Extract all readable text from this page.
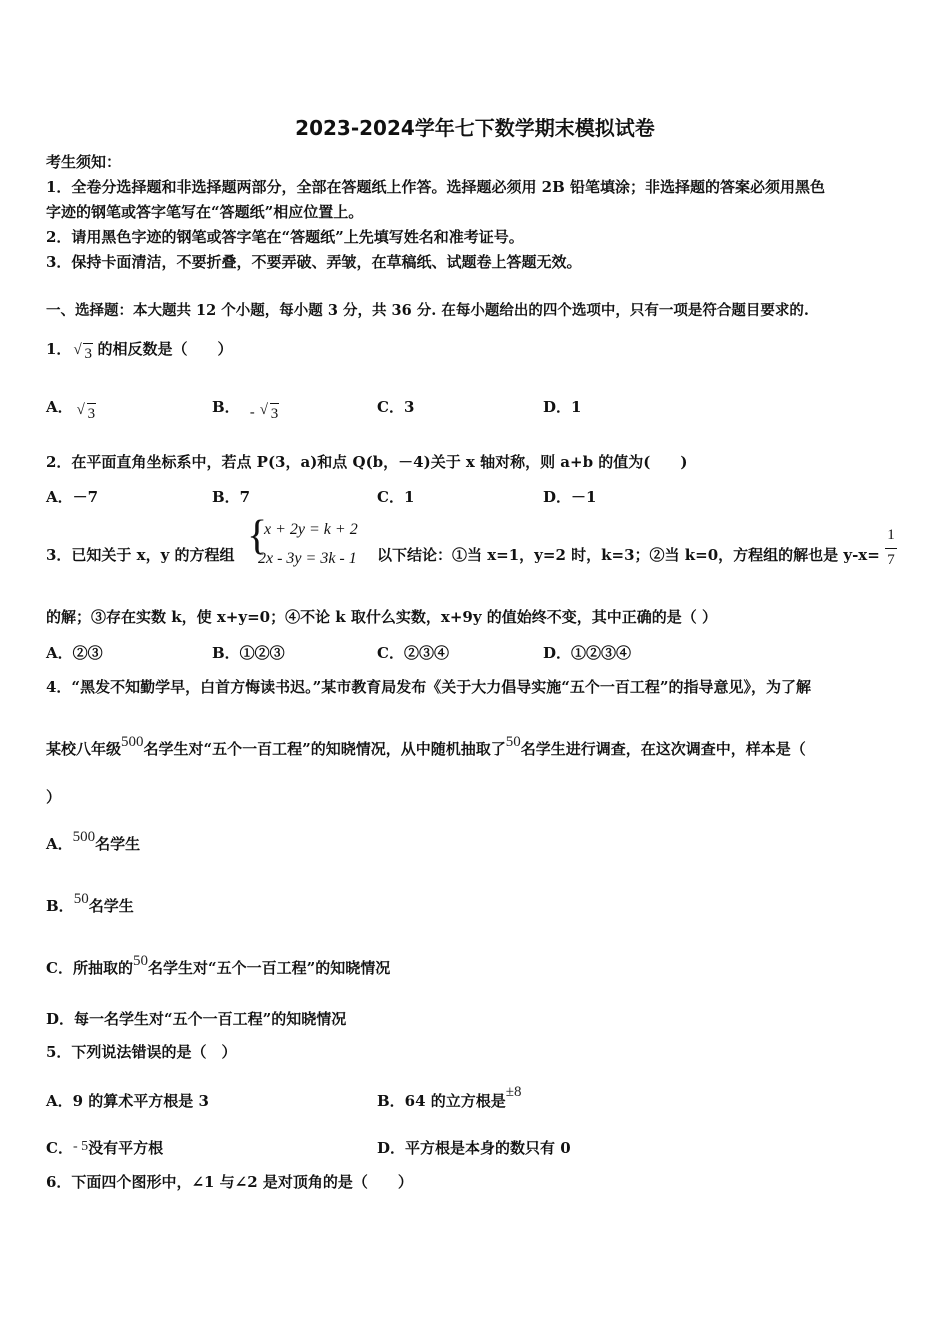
2023-2024学年七下数学期末模拟试卷
考生须知：
1．全卷分选择题和非选择题两部分，全部在答题纸上作答。选择题必须用 2B 铅笔填涂；非选择题的答案必须用黑色
字迹的钢笔或答字笔写在“答题纸”相应位置上。
2．请用黑色字迹的钢笔或答字笔在“答题纸”上先填写姓名和准考证号。
3．保持卡面清洁，不要折叠，不要弄破、弄皱，在草稿纸、试题卷上答题无效。
一、选择题：本大题共 12 个小题，每小题 3 分，共 36 分. 在每小题给出的四个选项中，只有一项是符合题目要求的.
1． √ 3 的相反数是（　　）
A． √ 3	B． - √ 3	C．3	D．1
2．在平面直角坐标系中，若点 P(3，a)和点 Q(b，－4)关于 x 轴对称，则 a+b 的值为(　　)
A．－7	B．7	C．1	D．－1
3．已知关于 x，y 的方程组 {
x + 2y = k + 2
2x - 3y = 3k - 1 以下结论：①当 x=1，y=2 时，k=3；②当 k=0，方程组的解也是 y-x=
1
7
的解；③存在实数 k，使 x+y=0；④不论 k 取什么实数，x+9y 的值始终不变，其中正确的是（ ）
A．②③	B．①②③	C．②③④	D．①②③④
4．“黑发不知勤学早，白首方悔读书迟。”某市教育局发布《关于大力倡导实施“五个一百工程”的指导意见》，为了解
某校八年级500名学生对“五个一百工程”的知晓情况，从中随机抽取了50名学生进行调查，在这次调查中，样本是（
）
A．500名学生
B．50名学生
C．所抽取的50名学生对“五个一百工程”的知晓情况
D．每一名学生对“五个一百工程”的知晓情况
5．下列说法错误的是（　）
A．9 的算术平方根是 3	B．64 的立方根是±8
C．- 5没有平方根	D．平方根是本身的数只有 0
6．下面四个图形中，∠1 与∠2 是对顶角的是（　　）
